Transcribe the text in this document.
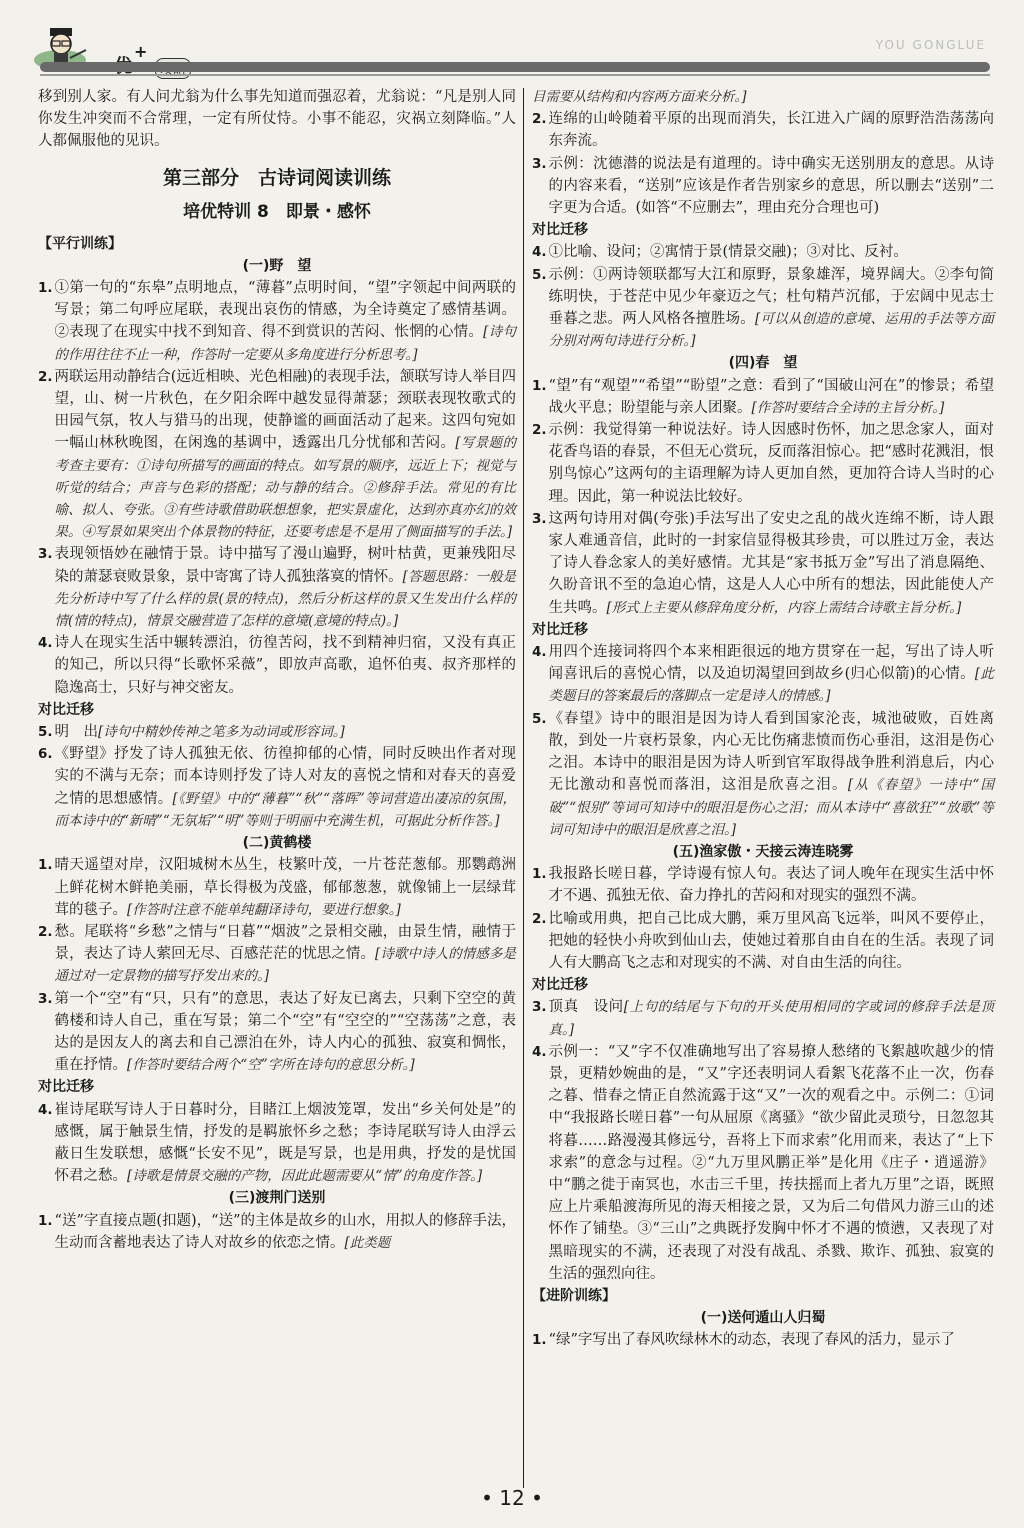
+	YOU GONGLUE

移到别人家。有人问尤翁为什么事先知道而强忍着，尤翁说：“凡是别人同你发生冲突而不合常理，一定有所仗恃。小事不能忍，灾祸立刻降临。”人人都佩服他的见识。

第三部分　古诗词阅读训练
培优特训 8　即景・感怀
【平行训练】
(一)野　望
1. ①第一句的“东皋”点明地点，“薄暮”点明时间，“望”字领起中间两联的写景；第二句呼应尾联，表现出哀伤的情感，为全诗奠定了感情基调。②表现了在现实中找不到知音、得不到赏识的苦闷、怅惘的心情。[诗句的作用往往不止一种，作答时一定要从多角度进行分析思考。]
2. 两联运用动静结合(远近相映、光色相融)的表现手法，颔联写诗人举目四望，山、树一片秋色，在夕阳余晖中越发显得萧瑟；颈联表现牧歌式的田园气氛，牧人与猎马的出现，使静谧的画面活动了起来。这四句宛如一幅山林秋晚图，在闲逸的基调中，透露出几分忧郁和苦闷。[写景题的考查主要有：①诗句所描写的画面的特点。如写景的顺序，远近上下；视觉与听觉的结合；声音与色彩的搭配；动与静的结合。②修辞手法。常见的有比喻、拟人、夸张。③有些诗歌借助联想想象，把实景虚化，达到亦真亦幻的效果。④写景如果突出个体景物的特征，还要考虑是不是用了侧面描写的手法。]
3. 表现领悟妙在融情于景。诗中描写了漫山遍野，树叶枯黄，更兼残阳尽染的萧瑟衰败景象，景中寄寓了诗人孤独落寞的情怀。[答题思路：一般是先分析诗中写了什么样的景(景的特点)，然后分析这样的景又生发出什么样的情(情的特点)，情景交融营造了怎样的意境(意境的特点)。]
4. 诗人在现实生活中辗转漂泊，彷徨苦闷，找不到精神归宿，又没有真正的知己，所以只得“长歌怀采薇”，即放声高歌，追怀伯夷、叔齐那样的隐逸高士，只好与神交密友。
对比迁移
5. 明　出[诗句中精妙传神之笔多为动词或形容词。]
6. 《野望》抒发了诗人孤独无依、彷徨抑郁的心情，同时反映出作者对现实的不满与无奈；而本诗则抒发了诗人对友的喜悦之情和对春天的喜爱之情的思想感情。[《野望》中的“薄暮”“秋”“落晖”等词营造出凄凉的氛围，而本诗中的“新晴”“无氛垢”“明”等则于明丽中充满生机，可据此分析作答。]
(二)黄鹤楼
1. 晴天遥望对岸，汉阳城树木丛生，枝繁叶茂，一片苍茫葱郁。那鹦鹉洲上鲜花树木鲜艳美丽，草长得极为茂盛，郁郁葱葱，就像铺上一层绿茸茸的毯子。[作答时注意不能单纯翻译诗句，要进行想象。]
2. 愁。尾联将“乡愁”之情与“日暮”“烟波”之景相交融，由景生情，融情于景，表达了诗人萦回无尽、百感茫茫的忧思之情。[诗歌中诗人的情感多是通过对一定景物的描写抒发出来的。]
3. 第一个“空”有“只，只有”的意思，表达了好友已离去，只剩下空空的黄鹤楼和诗人自己，重在写景；第二个“空”有“空空的”“空荡荡”之意，表达的是因友人的离去和自己漂泊在外，诗人内心的孤独、寂寞和惆怅，重在抒情。[作答时要结合两个“空”字所在诗句的意思分析。]
对比迁移
4. 崔诗尾联写诗人于日暮时分，目睹江上烟波笼罩，发出“乡关何处是”的感慨，属于触景生情，抒发的是羁旅怀乡之愁；李诗尾联写诗人由浮云蔽日生发联想，感慨“长安不见”，既是写景，也是用典，抒发的是忧国怀君之愁。[诗歌是情景交融的产物，因此此题需要从“情”的角度作答。]
(三)渡荆门送别
1. “送”字直接点题(扣题)，“送”的主体是故乡的山水，用拟人的修辞手法，生动而含蓄地表达了诗人对故乡的依恋之情。[此类题

目需要从结构和内容两方面来分析。]

2. 连绵的山岭随着平原的出现而消失，长江进入广阔的原野浩浩荡荡向东奔流。
3. 示例：沈德潜的说法是有道理的。诗中确实无送别朋友的意思。从诗的内容来看，“送别”应该是作者告别家乡的意思，所以删去“送别”二字更为合适。(如答“不应删去”，理由充分合理也可)
对比迁移
4. ①比喻、设问；②寓情于景(情景交融)；③对比、反衬。
5. 示例：①两诗领联都写大江和原野，景象雄浑，境界阔大。②李句简练明快，于苍茫中见少年豪迈之气；杜句精芦沉郁，于宏阔中见志士垂暮之悲。两人风格各擅胜场。[可以从创造的意境、运用的手法等方面分别对两句诗进行分析。]
(四)春　望
1. “望”有“观望”“希望”“盼望”之意：看到了“国破山河在”的惨景；希望战火平息；盼望能与亲人团聚。[作答时要结合全诗的主旨分析。]
2. 示例：我觉得第一种说法好。诗人因感时伤怀，加之思念家人，面对花香鸟语的春景，不但无心赏玩，反而落泪惊心。把“感时花溅泪，恨别鸟惊心”这两句的主语理解为诗人更加自然，更加符合诗人当时的心理。因此，第一种说法比较好。
3. 这两句诗用对偶(夸张)手法写出了安史之乱的战火连绵不断，诗人跟家人难通音信，此时的一封家信显得极其珍贵，可以胜过万金，表达了诗人眷念家人的美好感情。尤其是“家书抵万金”写出了消息隔绝、久盼音讯不至的急迫心情，这是人人心中所有的想法，因此能使人产生共鸣。[形式上主要从修辞角度分析，内容上需结合诗歌主旨分析。]
对比迁移
4. 用四个连接词将四个本来相距很远的地方贯穿在一起，写出了诗人听闻喜讯后的喜悦心情，以及迫切渴望回到故乡(归心似箭)的心情。[此类题目的答案最后的落脚点一定是诗人的情感。]
5. 《春望》诗中的眼泪是因为诗人看到国家沦丧，城池破败，百姓离散，到处一片衰朽景象，内心无比伤痛悲愤而伤心垂泪，这泪是伤心之泪。本诗中的眼泪是因为诗人听到官军取得战争胜利消息后，内心无比激动和喜悦而落泪，这泪是欣喜之泪。[从《春望》一诗中“国破”“恨别”等词可知诗中的眼泪是伤心之泪；而从本诗中“喜欲狂”“放歌”等词可知诗中的眼泪是欣喜之泪。]
(五)渔家傲・天接云涛连晓雾
1. 我报路长嗟日暮，学诗谩有惊人句。表达了词人晚年在现实生活中怀才不遇、孤独无依、奋力挣扎的苦闷和对现实的强烈不满。
2. 比喻或用典，把自己比成大鹏，乘万里风高飞远举，叫风不要停止，把她的轻快小舟吹到仙山去，使她过着那自由自在的生活。表现了词人有大鹏高飞之志和对现实的不满、对自由生活的向往。
对比迁移
3. 顶真　设问[上句的结尾与下句的开头使用相同的字或词的修辞手法是顶真。]
4. 示例一：“又”字不仅准确地写出了容易撩人愁绪的飞絮越吹越少的情景，更精妙婉曲的是，“又”字还表明词人看絮飞花落不止一次，伤春之暮、惜春之情正自然流露于这“又”一次的观看之中。示例二：①词中“我报路长嗟日暮”一句从屈原《离骚》“欲少留此灵琐兮，日忽忽其将暮……路漫漫其修远兮，吾将上下而求索”化用而来，表达了“上下求索”的意念与过程。②“九万里风鹏正举”是化用《庄子・逍遥游》中“鹏之徙于南冥也，水击三千里，抟扶摇而上者九万里”之语，既照应上片乘船渡海所见的海天相接之景，又为后二句借风力游三山的述怀作了铺垫。③“三山”之典既抒发胸中怀才不遇的愤懑，又表现了对黑暗现实的不满，还表现了对没有战乱、杀戮、欺诈、孤独、寂寞的生活的强烈向往。
【进阶训练】
(一)送何遁山人归蜀
1. “绿”字写出了春风吹绿林木的动态，表现了春风的活力，显示了
• 12 •
